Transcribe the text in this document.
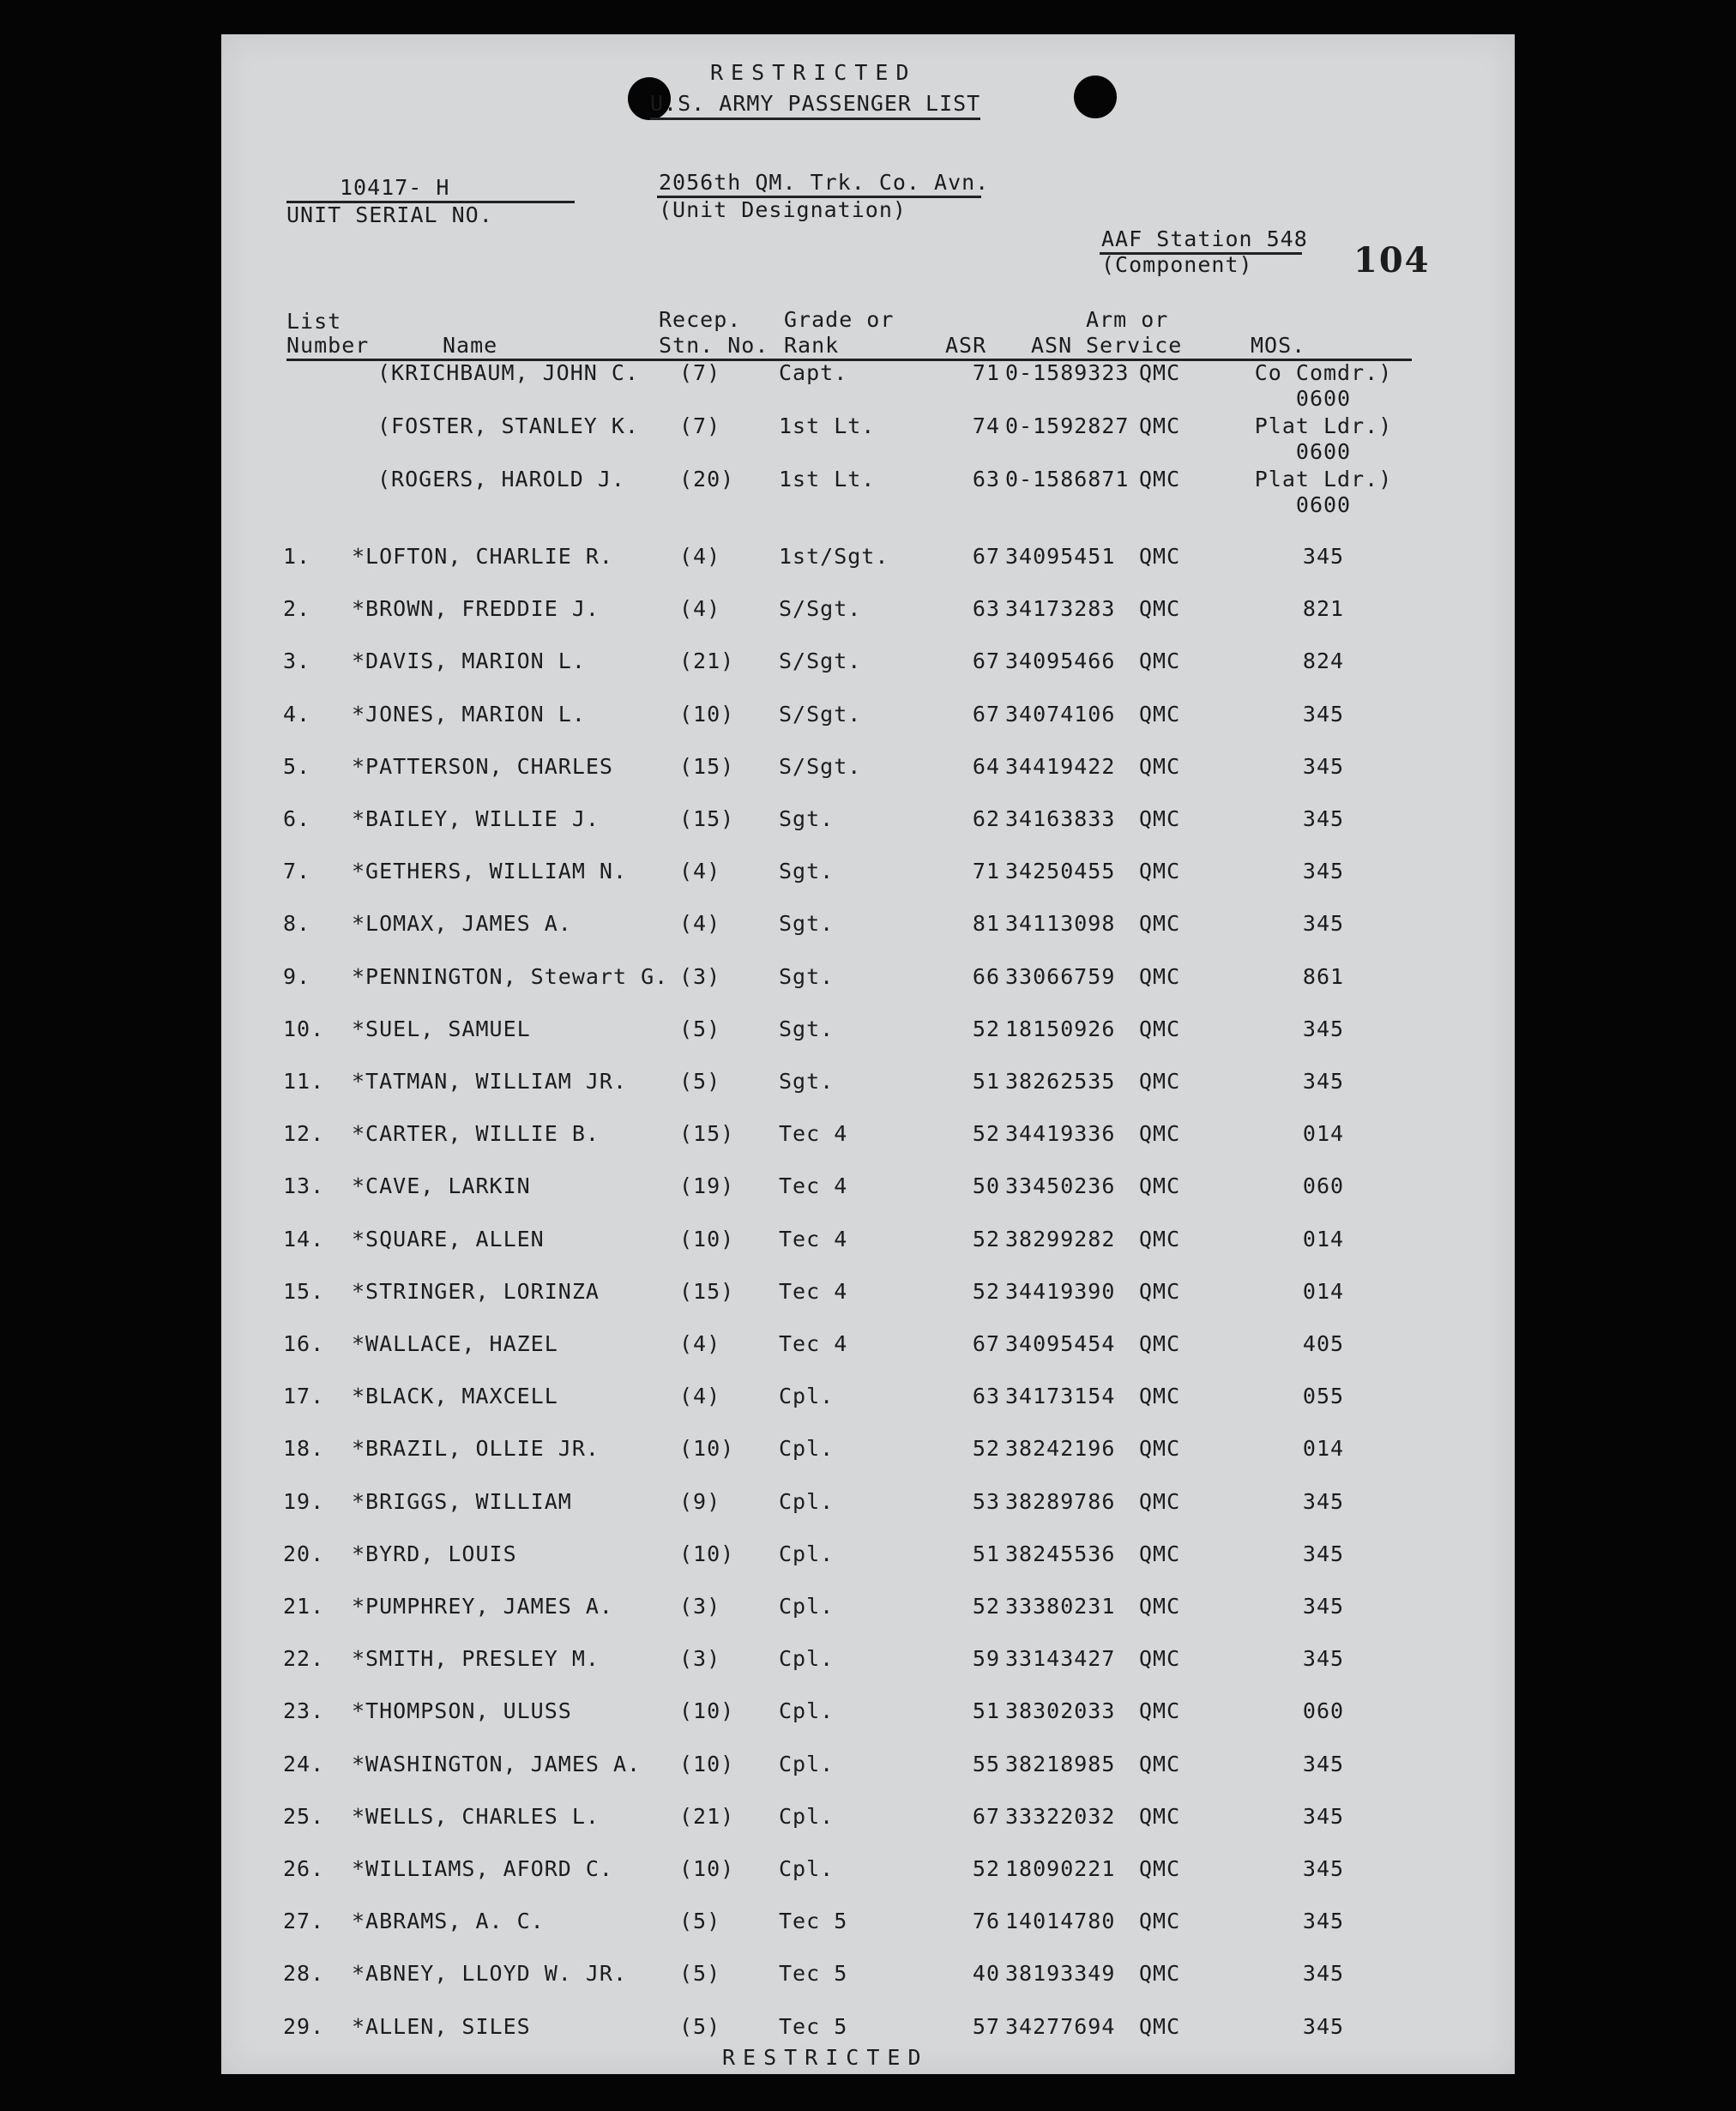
RESTRICTED
U.S. ARMY PASSENGER LIST
10417- H
UNIT SERIAL NO.
2056th QM. Trk. Co. Avn.
(Unit Designation)
AAF Station 548
(Component)	104
List
Number	Name
Recep.
Stn. No.
Grade or
Rank	ASR
Arm or
ASN Service	MOS.
(KRICHBAUM, JOHN C. (7)	Capt.	71 0-1589323 QMC	Co Comdr.)
0600
(FOSTER, STANLEY K. (7)	1st Lt.	74 0-1592827 QMC	Plat Ldr.)
0600
(ROGERS, HAROLD J.	(20) 1st Lt.	63 0-1586871 QMC	Plat Ldr.)
0600
1. *LOFTON, CHARLIE R.	(4)	1st/Sgt.	67 34095451 QMC	345
2. *BROWN, FREDDIE J.	(4)	S/Sgt.	63 34173283 QMC	821
3. *DAVIS, MARION L.	(21) S/Sgt.	67 34095466 QMC	824
4. *JONES, MARION L.	(10) S/Sgt.	67 34074106 QMC	345
5. *PATTERSON, CHARLES	(15) S/Sgt.	64 34419422 QMC	345
6. *BAILEY, WILLIE J.	(15) Sgt.	62 34163833 QMC	345
7. *GETHERS, WILLIAM N. (4)	Sgt.	71 34250455 QMC	345
8. *LOMAX, JAMES A.	(4)	Sgt.	81 34113098 QMC	345
9. *PENNINGTON, Stewart G. (3)	Sgt.	66 33066759 QMC	861
10. *SUEL, SAMUEL	(5)	Sgt.	52 18150926 QMC	345
11. *TATMAN, WILLIAM JR. (5)	Sgt.	51 38262535 QMC	345
12. *CARTER, WILLIE B.	(15) Tec 4	52 34419336 QMC	014
13. *CAVE, LARKIN	(19) Tec 4	50 33450236 QMC	060
14. *SQUARE, ALLEN	(10) Tec 4	52 38299282 QMC	014
15. *STRINGER, LORINZA	(15) Tec 4	52 34419390 QMC	014
16. *WALLACE, HAZEL	(4)	Tec 4	67 34095454 QMC	405
17. *BLACK, MAXCELL	(4)	Cpl.	63 34173154 QMC	055
18. *BRAZIL, OLLIE JR.	(10) Cpl.	52 38242196 QMC	014
19. *BRIGGS, WILLIAM	(9)	Cpl.	53 38289786 QMC	345
20. *BYRD, LOUIS	(10) Cpl.	51 38245536 QMC	345
21. *PUMPHREY, JAMES A.	(3)	Cpl.	52 33380231 QMC	345
22. *SMITH, PRESLEY M.	(3)	Cpl.	59 33143427 QMC	345
23. *THOMPSON, ULUSS	(10) Cpl.	51 38302033 QMC	060
24. *WASHINGTON, JAMES A. (10) Cpl.	55 38218985 QMC	345
25. *WELLS, CHARLES L.	(21) Cpl.	67 33322032 QMC	345
26. *WILLIAMS, AFORD C.	(10) Cpl.	52 18090221 QMC	345
27. *ABRAMS, A. C.	(5)	Tec 5	76 14014780 QMC	345
28. *ABNEY, LLOYD W. JR. (5)	Tec 5	40 38193349 QMC	345
29. *ALLEN, SILES	(5)	Tec 5	57 34277694 QMC	345
RESTRICTED
